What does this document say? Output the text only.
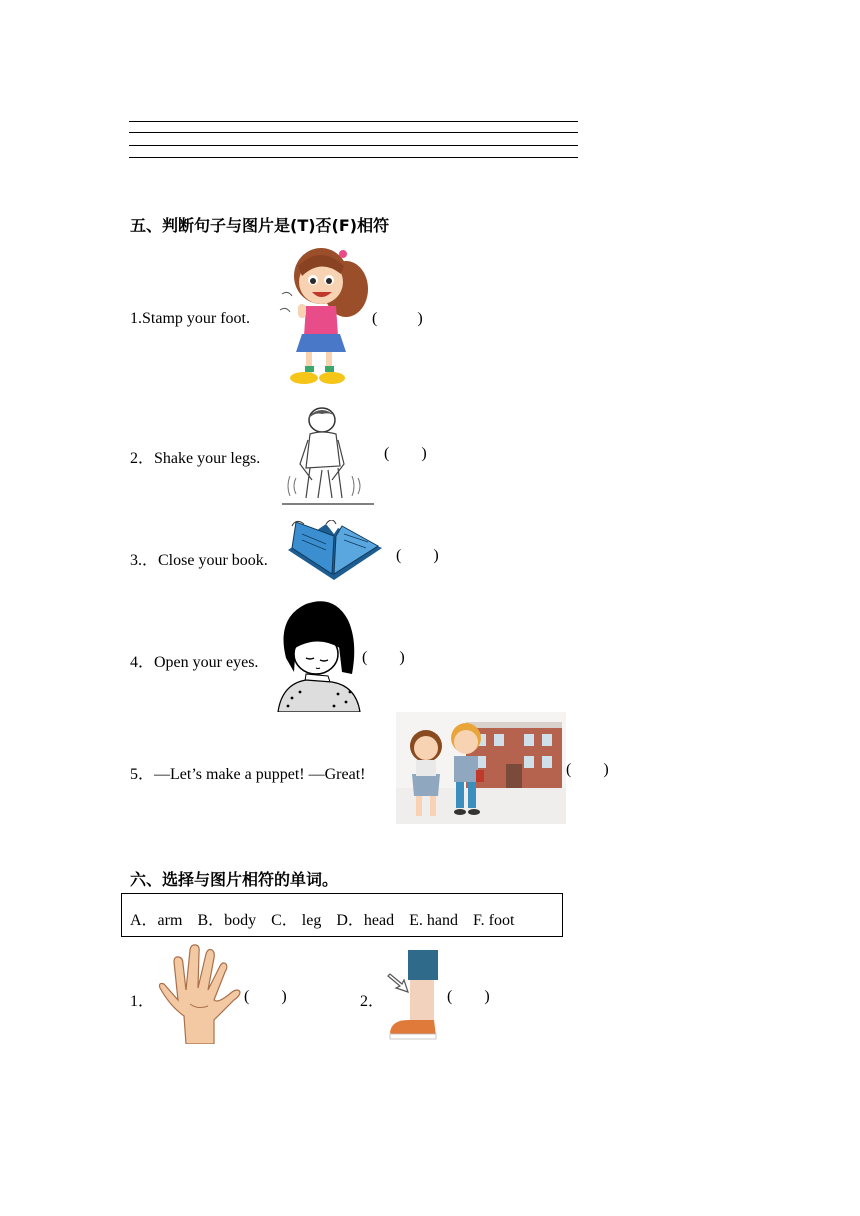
五、判断句子与图片是(T)否(F)相符
1.Stamp your foot.	(          )
2．Shake your legs.	(        )
3.．Close your book.	(        )
4．Open your eyes.	(        )
5．—Let’s make a puppet! —Great!	(        )
六、选择与图片相符的单词。
A．arm B．body C． leg D．head E. hand F. foot
1．	(        )	2．	(        )
